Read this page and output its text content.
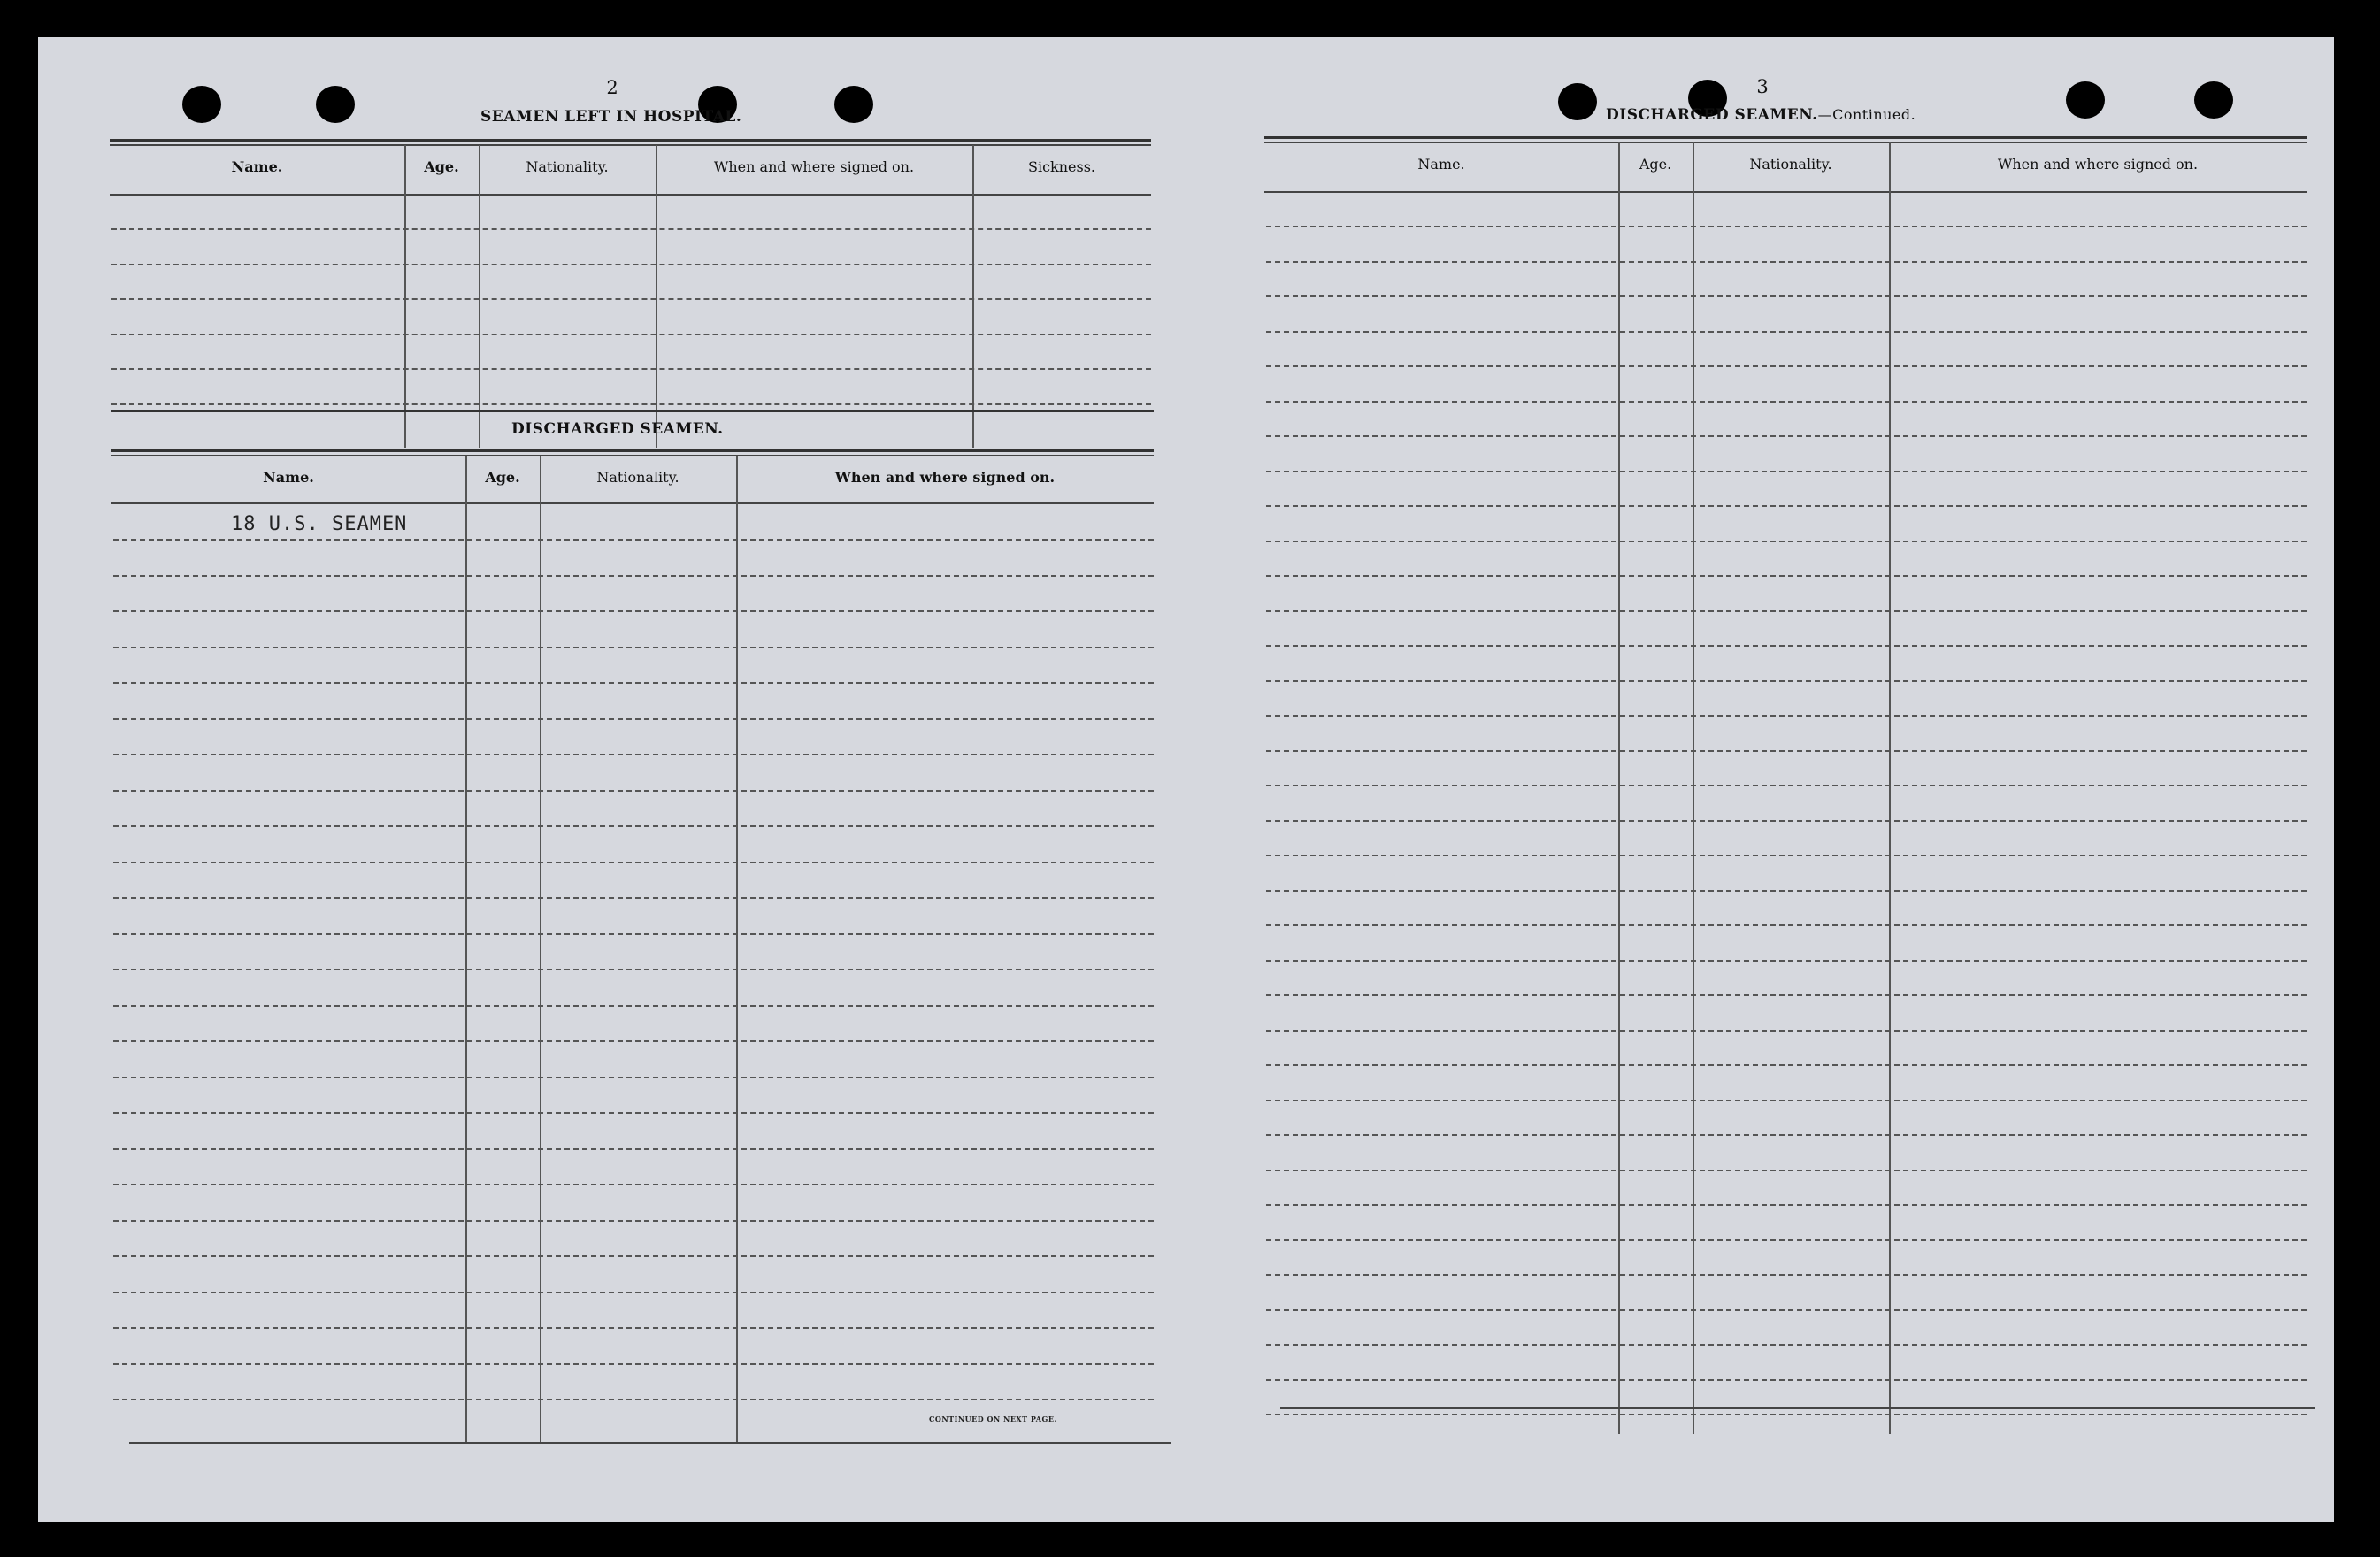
2
SEAMEN LEFT IN HOSPITAL.
Name.	Age.	Nationality.	When and where signed on.	Sickness.
DISCHARGED SEAMEN.
Name.	Age.	Nationality.	When and where signed on.
18 U.S. SEAMEN
CONTINUED ON NEXT PAGE.
3
DISCHARGED SEAMEN.—Continued.
Name.	Age.	Nationality.	When and where signed on.
